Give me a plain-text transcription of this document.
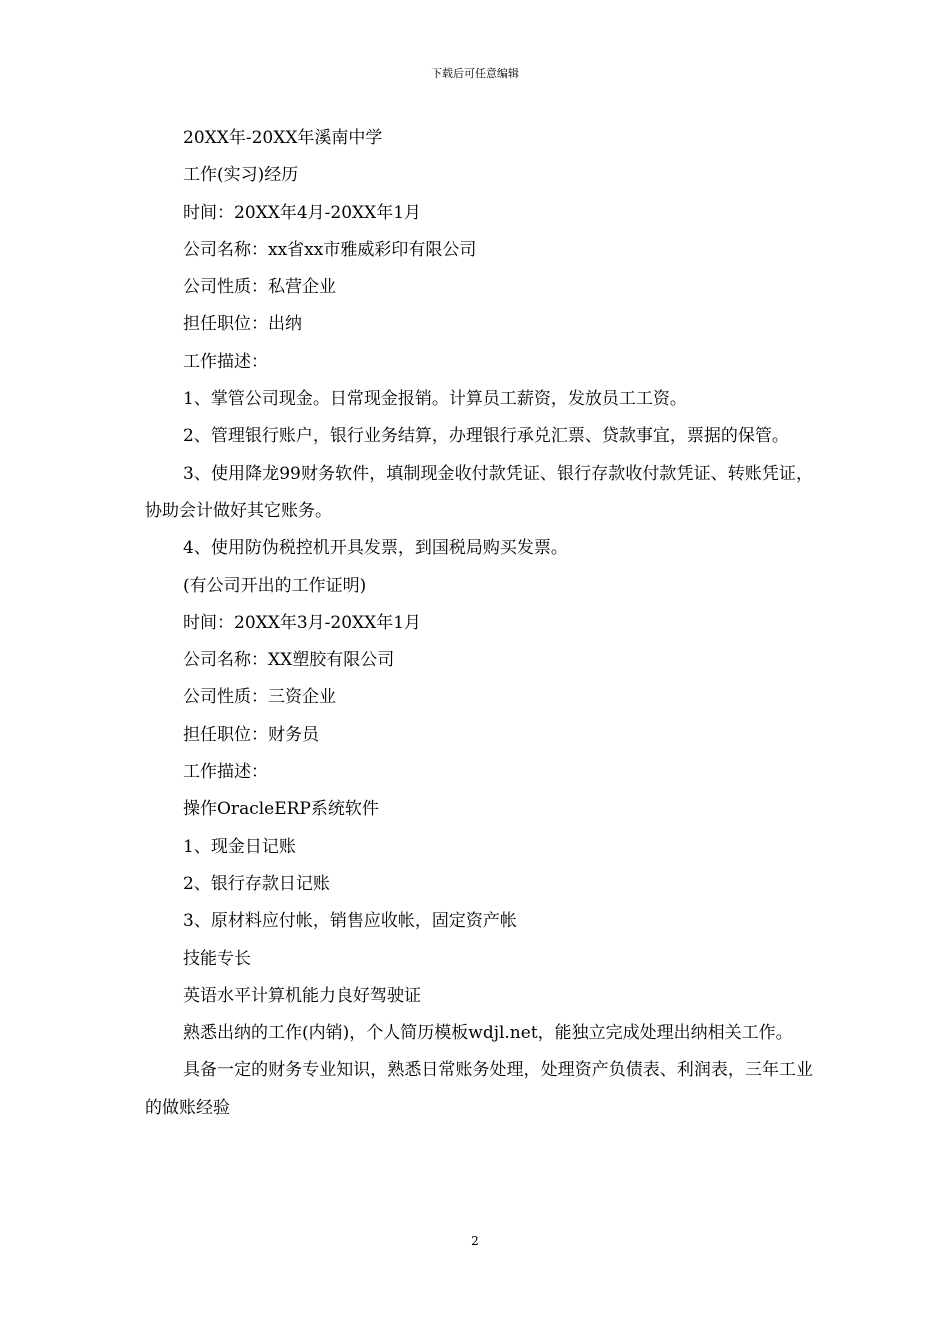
下载后可任意编辑

20XX年-20XX年溪南中学

工作(实习)经历

时间：20XX年4月-20XX年1月

公司名称：xx省xx市雅威彩印有限公司

公司性质：私营企业

担任职位：出纳

工作描述：

1、掌管公司现金。日常现金报销。计算员工薪资，发放员工工资。

2、管理银行账户，银行业务结算，办理银行承兑汇票、贷款事宜，票据的保管。

3、使用降龙99财务软件，填制现金收付款凭证、银行存款收付款凭证、转账凭证，协助会计做好其它账务。

4、使用防伪税控机开具发票，到国税局购买发票。

(有公司开出的工作证明)

时间：20XX年3月-20XX年1月

公司名称：XX塑胶有限公司

公司性质：三资企业

担任职位：财务员

工作描述：

操作OracleERP系统软件

1、现金日记账

2、银行存款日记账

3、原材料应付帐，销售应收帐，固定资产帐

技能专长

英语水平计算机能力良好驾驶证

熟悉出纳的工作(内销)，个人简历模板wdjl.net，能独立完成处理出纳相关工作。

具备一定的财务专业知识，熟悉日常账务处理，处理资产负债表、利润表，三年工业的做账经验

2
